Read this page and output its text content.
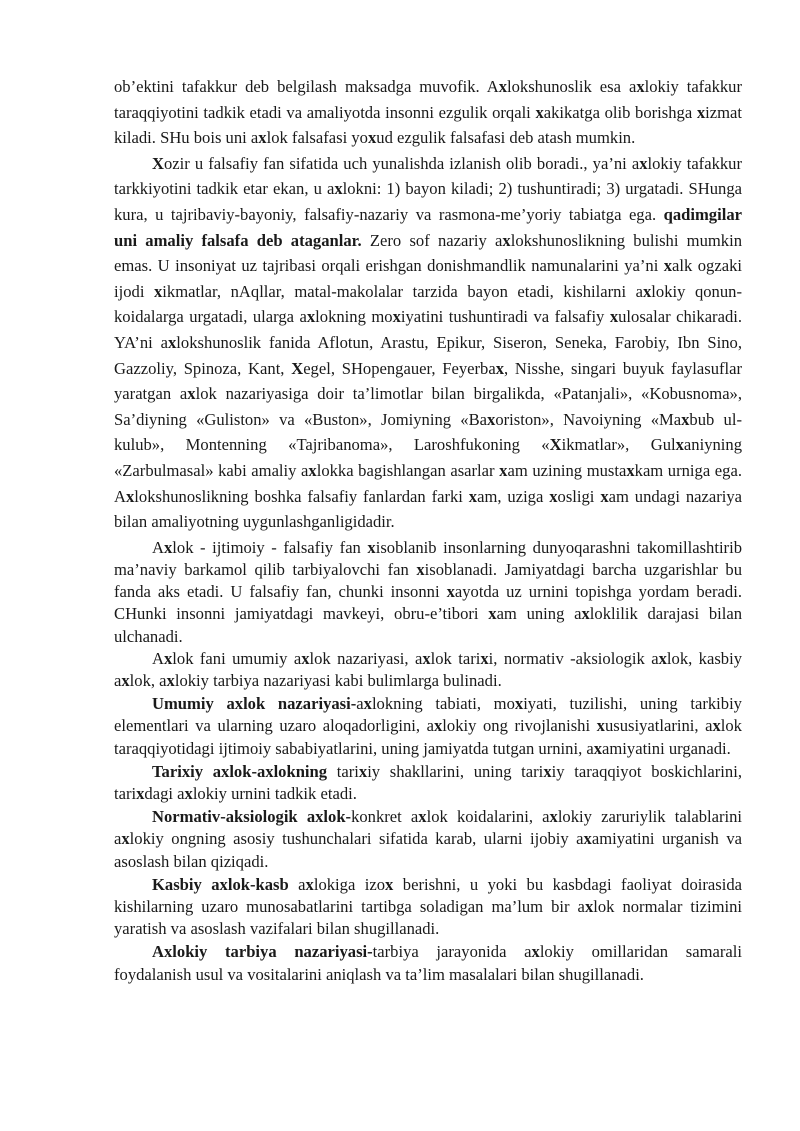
ob’ektini tafakkur deb belgilash maksadga muvofik. Axlokshunoslik esa axlokiy tafakkur taraqqiyotini tadkik etadi va amaliyotda insonni ezgulik orqali xakikatga olib borishga xizmat kiladi. SHu bois uni axlok falsafasi yoxud ezgulik falsafasi deb atash mumkin.

Xozir u falsafiy fan sifatida uch yunalishda izlanish olib boradi., ya’ni axlokiy tafakkur tarkkiyotini tadkik etar ekan, u axlokni: 1) bayon kiladi; 2) tushuntiradi; 3) urgatadi. SHunga kura, u tajribaviy-bayoniy, falsafiy-nazariy va rasmona-me’yoriy tabiatga ega. qadimgilar uni amaliy falsafa deb ataganlar. Zero sof nazariy axlokshunoslikning bulishi mumkin emas. U insoniyat uz tajribasi orqali erishgan donishmandlik namunalarini ya’ni xalk ogzaki ijodi xikmatlar, nAqllar, matal-makolalar tarzida bayon etadi, kishilarni axlokiy qonun-koidalarga urgatadi, ularga axlokning moxiyatini tushuntiradi va falsafiy xulosalar chikaradi. YA’ni axlokshunoslik fanida Aflotun, Arastu, Epikur, Siseron, Seneka, Farobiy, Ibn Sino, Gazzoliy, Spinoza, Kant, Xegel, SHopengauer, Feyerbax, Nisshe, singari buyuk faylasuflar yaratgan axlok nazariyasiga doir ta’limotlar bilan birgalikda, «Patanjali», «Kobusnoma», Sa’diyning «Guliston» va «Buston», Jomiyning «Baxoriston», Navoiyning «Maxbub ul-kulub», Montenning «Tajribanoma», Laroshfukoning «Xikmatlar», Gulxaniyning «Zarbulmasal» kabi amaliy axlokka bagishlangan asarlar xam uzining mustaxkam urniga ega. Axlokshunoslikning boshka falsafiy fanlardan farki xam, uziga xosligi xam undagi nazariya bilan amaliyotning uygunlashganligidadir.

Axlok - ijtimoiy - falsafiy fan xisoblanib insonlarning dunyoqarashni takomillashtirib ma’naviy barkamol qilib tarbiyalovchi fan xisoblanadi. Jamiyatdagi barcha uzgarishlar bu fanda aks etadi. U falsafiy fan, chunki insonni xayotda uz urnini topishga yordam beradi. CHunki insonni jamiyatdagi mavkeyi, obru-e’tibori xam uning axloklilik darajasi bilan ulchanadi.

Axlok fani umumiy axlok nazariyasi, axlok tarixi, normativ -aksiologik axlok, kasbiy axlok, axlokiy tarbiya nazariyasi kabi bulimlarga bulinadi.

Umumiy axlok nazariyasi-axlokning tabiati, moxiyati, tuzilishi, uning tarkibiy elementlari va ularning uzaro aloqadorligini, axlokiy ong rivojlanishi xususiyatlarini, axlok taraqqiyotidagi ijtimoiy sababiyatlarini, uning jamiyatda tutgan urnini, axamiyatini urganadi.

Tarixiy axlok-axlokning tarixiy shakllarini, uning tarixiy taraqqiyot boskichlarini, tarixdagi axlokiy urnini tadkik etadi.

Normativ-aksiologik axlok-konkret axlok koidalarini, axlokiy zaruriylik talablarini axlokiy ongning asosiy tushunchalari sifatida karab, ularni ijobiy axamiyatini urganish va asoslash bilan qiziqadi.

Kasbiy axlok-kasb axlokiga izox berishni, u yoki bu kasbdagi faoliyat doirasida kishilarning uzaro munosabatlarini tartibga soladigan ma’lum bir axlok normalar tizimini yaratish va asoslash vazifalari bilan shugillanadi.

Axlokiy tarbiya nazariyasi-tarbiya jarayonida axlokiy omillaridan samarali foydalanish usul va vositalarini aniqlash va ta’lim masalalari bilan shugillanadi.
